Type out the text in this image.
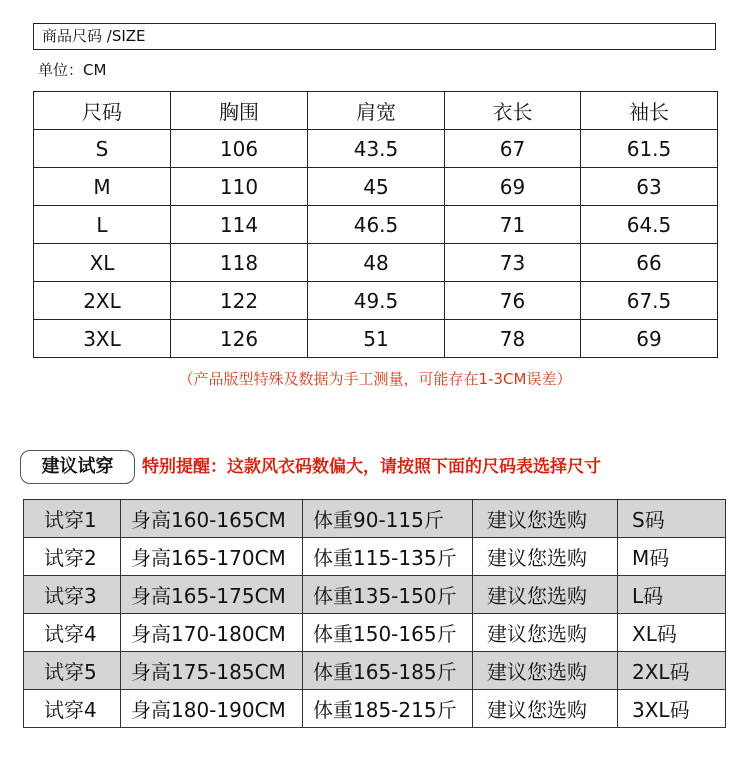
商品尺码 /SIZE
单位：CM
尺码	胸围	肩宽	衣长	袖长
S	106	43.5	67	61.5
M	110	45	69	63
L	114	46.5	71	64.5
XL	118	48	73	66
2XL	122	49.5	76	67.5
3XL	126	51	78	69
（产品版型特殊及数据为手工测量，可能存在1-3CM误差）
建议试穿	特别提醒：这款风衣码数偏大，请按照下面的尺码表选择尺寸
试穿1	身高160-165CM	体重90-115斤	建议您选购	S码
试穿2	身高165-170CM	体重115-135斤	建议您选购	M码
试穿3	身高165-175CM	体重135-150斤	建议您选购	L码
试穿4	身高170-180CM	体重150-165斤	建议您选购	XL码
试穿5	身高175-185CM	体重165-185斤	建议您选购	2XL码
试穿4	身高180-190CM	体重185-215斤	建议您选购	3XL码
